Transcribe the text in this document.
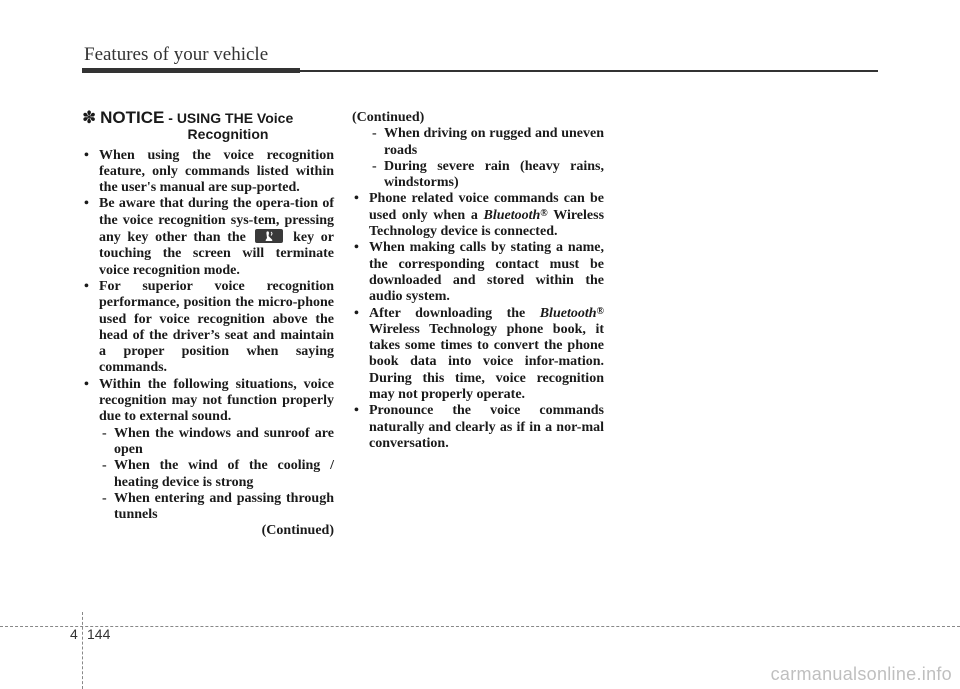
Features of your vehicle
✽ NOTICE - USING THE Voice
Recognition
• When using the voice recognition feature, only commands listed within the user's manual are sup-ported.
• Be aware that during the opera-tion of the voice recognition sys-tem, pressing any key other than the	key or touching the screen will terminate voice recognition mode.
• For superior voice recognition performance, position the micro-phone used for voice recognition above the head of the driver’s seat and maintain a proper position when saying commands.
• Within the following situations, voice recognition may not function properly due to external sound.
- When the windows and sunroof are open
- When the wind of the cooling / heating device is strong
- When entering and passing through tunnels
(Continued)
(Continued)
- When driving on rugged and uneven roads
- During severe rain (heavy rains, windstorms)
• Phone related voice commands can be used only when a Bluetooth® Wireless Technology device is connected.
• When making calls by stating a name, the corresponding contact must be downloaded and stored within the audio system.
• After downloading the Bluetooth® Wireless Technology phone book, it takes some times to convert the phone book data into voice infor-mation. During this time, voice recognition may not properly operate.
• Pronounce the voice commands naturally and clearly as if in a nor-mal conversation.
4 144
carmanualsonline.info
